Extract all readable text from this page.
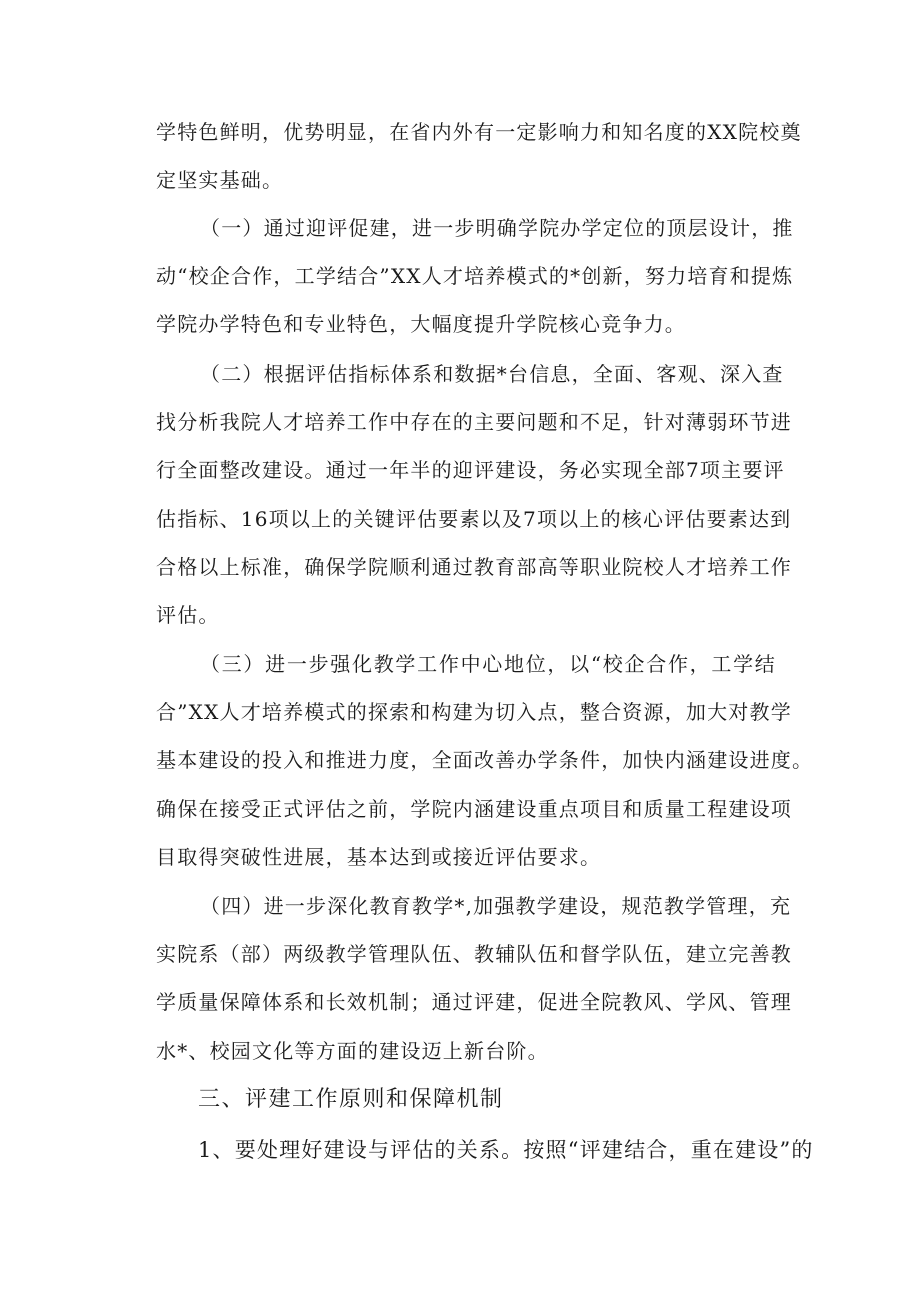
学特色鲜明，优势明显，在省内外有一定影响力和知名度的XX院校奠
定坚实基础。
（一）通过迎评促建，进一步明确学院办学定位的顶层设计，推
动“校企合作，工学结合”XX人才培养模式的*创新，努力培育和提炼
学院办学特色和专业特色，大幅度提升学院核心竞争力。
（二）根据评估指标体系和数据*台信息，全面、客观、深入查
找分析我院人才培养工作中存在的主要问题和不足，针对薄弱环节进
行全面整改建设。通过一年半的迎评建设，务必实现全部7项主要评
估指标、16项以上的关键评估要素以及7项以上的核心评估要素达到
合格以上标准，确保学院顺利通过教育部高等职业院校人才培养工作
评估。
（三）进一步强化教学工作中心地位，以“校企合作，工学结
合”XX人才培养模式的探索和构建为切入点，整合资源，加大对教学
基本建设的投入和推进力度，全面改善办学条件，加快内涵建设进度。
确保在接受正式评估之前，学院内涵建设重点项目和质量工程建设项
目取得突破性进展，基本达到或接近评估要求。
（四）进一步深化教育教学*,加强教学建设，规范教学管理，充
实院系（部）两级教学管理队伍、教辅队伍和督学队伍，建立完善教
学质量保障体系和长效机制；通过评建，促进全院教风、学风、管理
水*、校园文化等方面的建设迈上新台阶。
三、评建工作原则和保障机制
1、要处理好建设与评估的关系。按照“评建结合，重在建设”的
